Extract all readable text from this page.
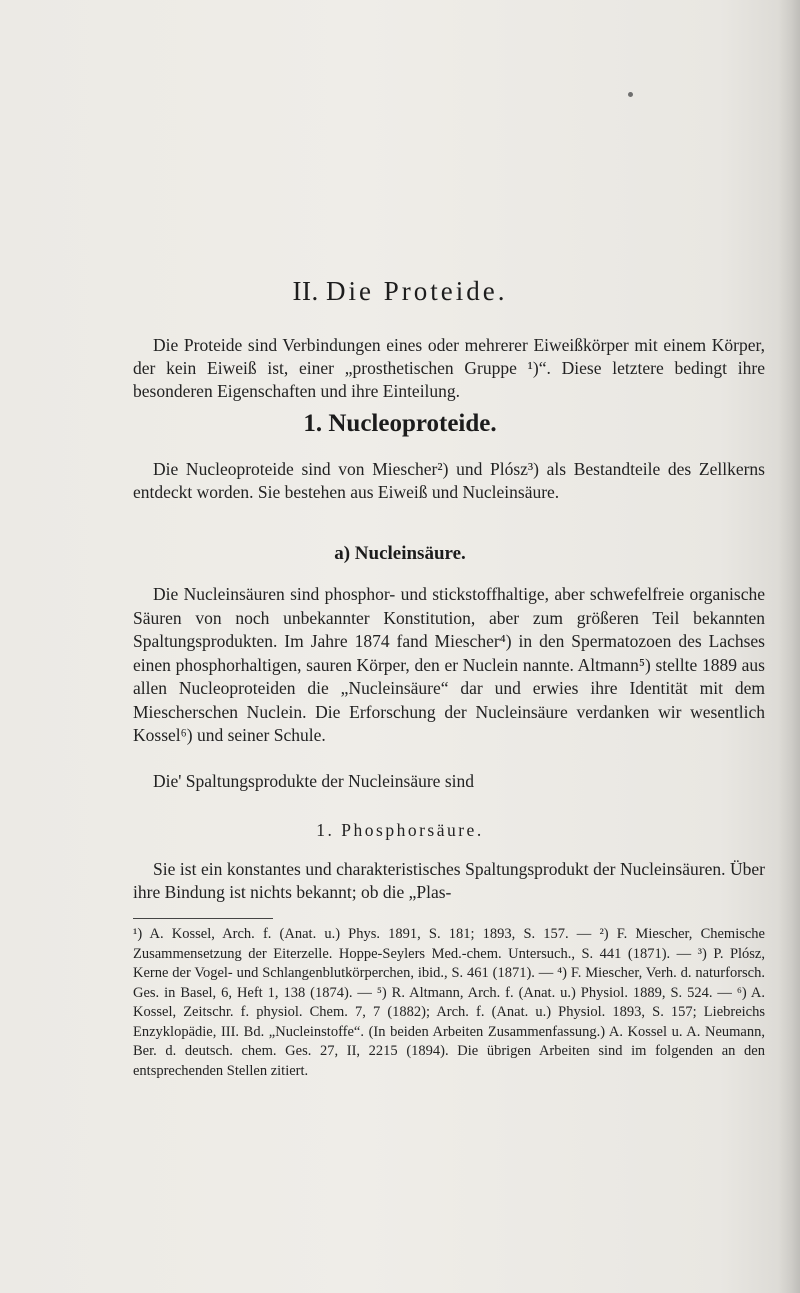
II. Die Proteide.
Die Proteide sind Verbindungen eines oder mehrerer Eiweißkörper mit einem Körper, der kein Eiweiß ist, einer „prosthetischen Gruppe ¹)“. Diese letztere bedingt ihre besonderen Eigenschaften und ihre Einteilung.
1. Nucleoproteide.
Die Nucleoproteide sind von Miescher²) und Plósz³) als Bestandteile des Zellkerns entdeckt worden. Sie bestehen aus Eiweiß und Nucleinsäure.
a) Nucleinsäure.
Die Nucleinsäuren sind phosphor- und stickstoffhaltige, aber schwefelfreie organische Säuren von noch unbekannter Konstitution, aber zum größeren Teil bekannten Spaltungsprodukten. Im Jahre 1874 fand Miescher⁴) in den Spermatozoen des Lachses einen phosphorhaltigen, sauren Körper, den er Nuclein nannte. Altmann⁵) stellte 1889 aus allen Nucleoproteiden die „Nucleinsäure“ dar und erwies ihre Identität mit dem Miescherschen Nuclein. Die Erforschung der Nucleinsäure verdanken wir wesentlich Kossel⁶) und seiner Schule.
Die' Spaltungsprodukte der Nucleinsäure sind
1. Phosphorsäure.
Sie ist ein konstantes und charakteristisches Spaltungsprodukt der Nucleinsäuren. Über ihre Bindung ist nichts bekannt; ob die „Plas-
¹) A. Kossel, Arch. f. (Anat. u.) Phys. 1891, S. 181; 1893, S. 157. — ²) F. Miescher, Chemische Zusammensetzung der Eiterzelle. Hoppe-Seylers Med.-chem. Untersuch., S. 441 (1871). — ³) P. Plósz, Kerne der Vogel- und Schlangenblutkörperchen, ibid., S. 461 (1871). — ⁴) F. Miescher, Verh. d. naturforsch. Ges. in Basel, 6, Heft 1, 138 (1874). — ⁵) R. Altmann, Arch. f. (Anat. u.) Physiol. 1889, S. 524. — ⁶) A. Kossel, Zeitschr. f. physiol. Chem. 7, 7 (1882); Arch. f. (Anat. u.) Physiol. 1893, S. 157; Liebreichs Enzyklopädie, III. Bd. „Nucleinstoffe“. (In beiden Arbeiten Zusammenfassung.) A. Kossel u. A. Neumann, Ber. d. deutsch. chem. Ges. 27, II, 2215 (1894). Die übrigen Arbeiten sind im folgenden an den entsprechenden Stellen zitiert.
